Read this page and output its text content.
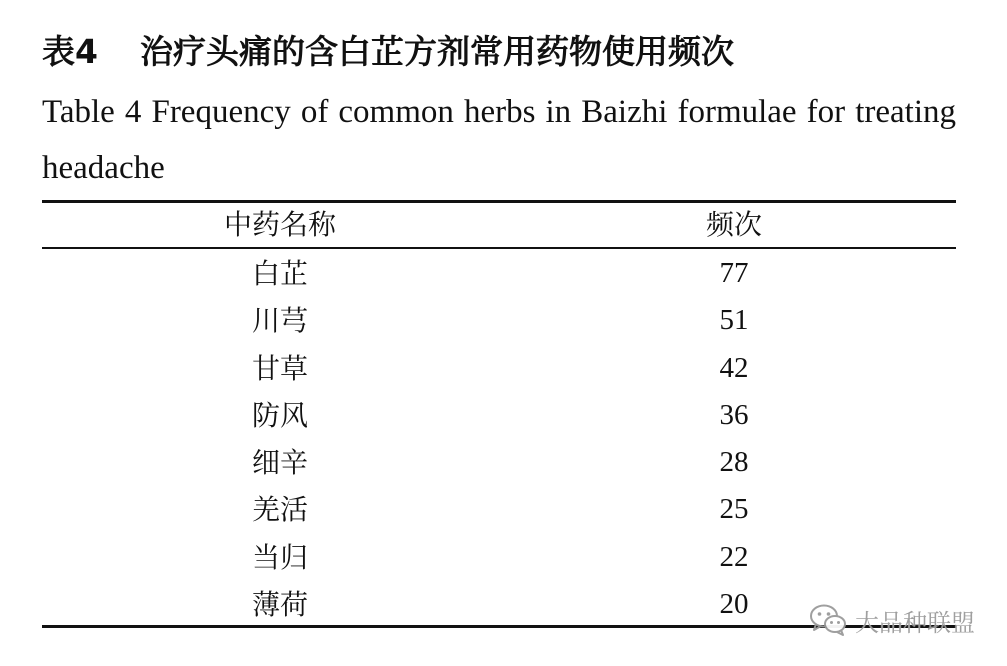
表4 治疗头痛的含白芷方剂常用药物使用频次
Table 4 Frequency of common herbs in Baizhi formulae for treating headache
中药名称	频次
白芷	77
川芎	51
甘草	42
防风	36
细辛	28
羌活	25
当归	22
薄荷	20
大品种联盟
